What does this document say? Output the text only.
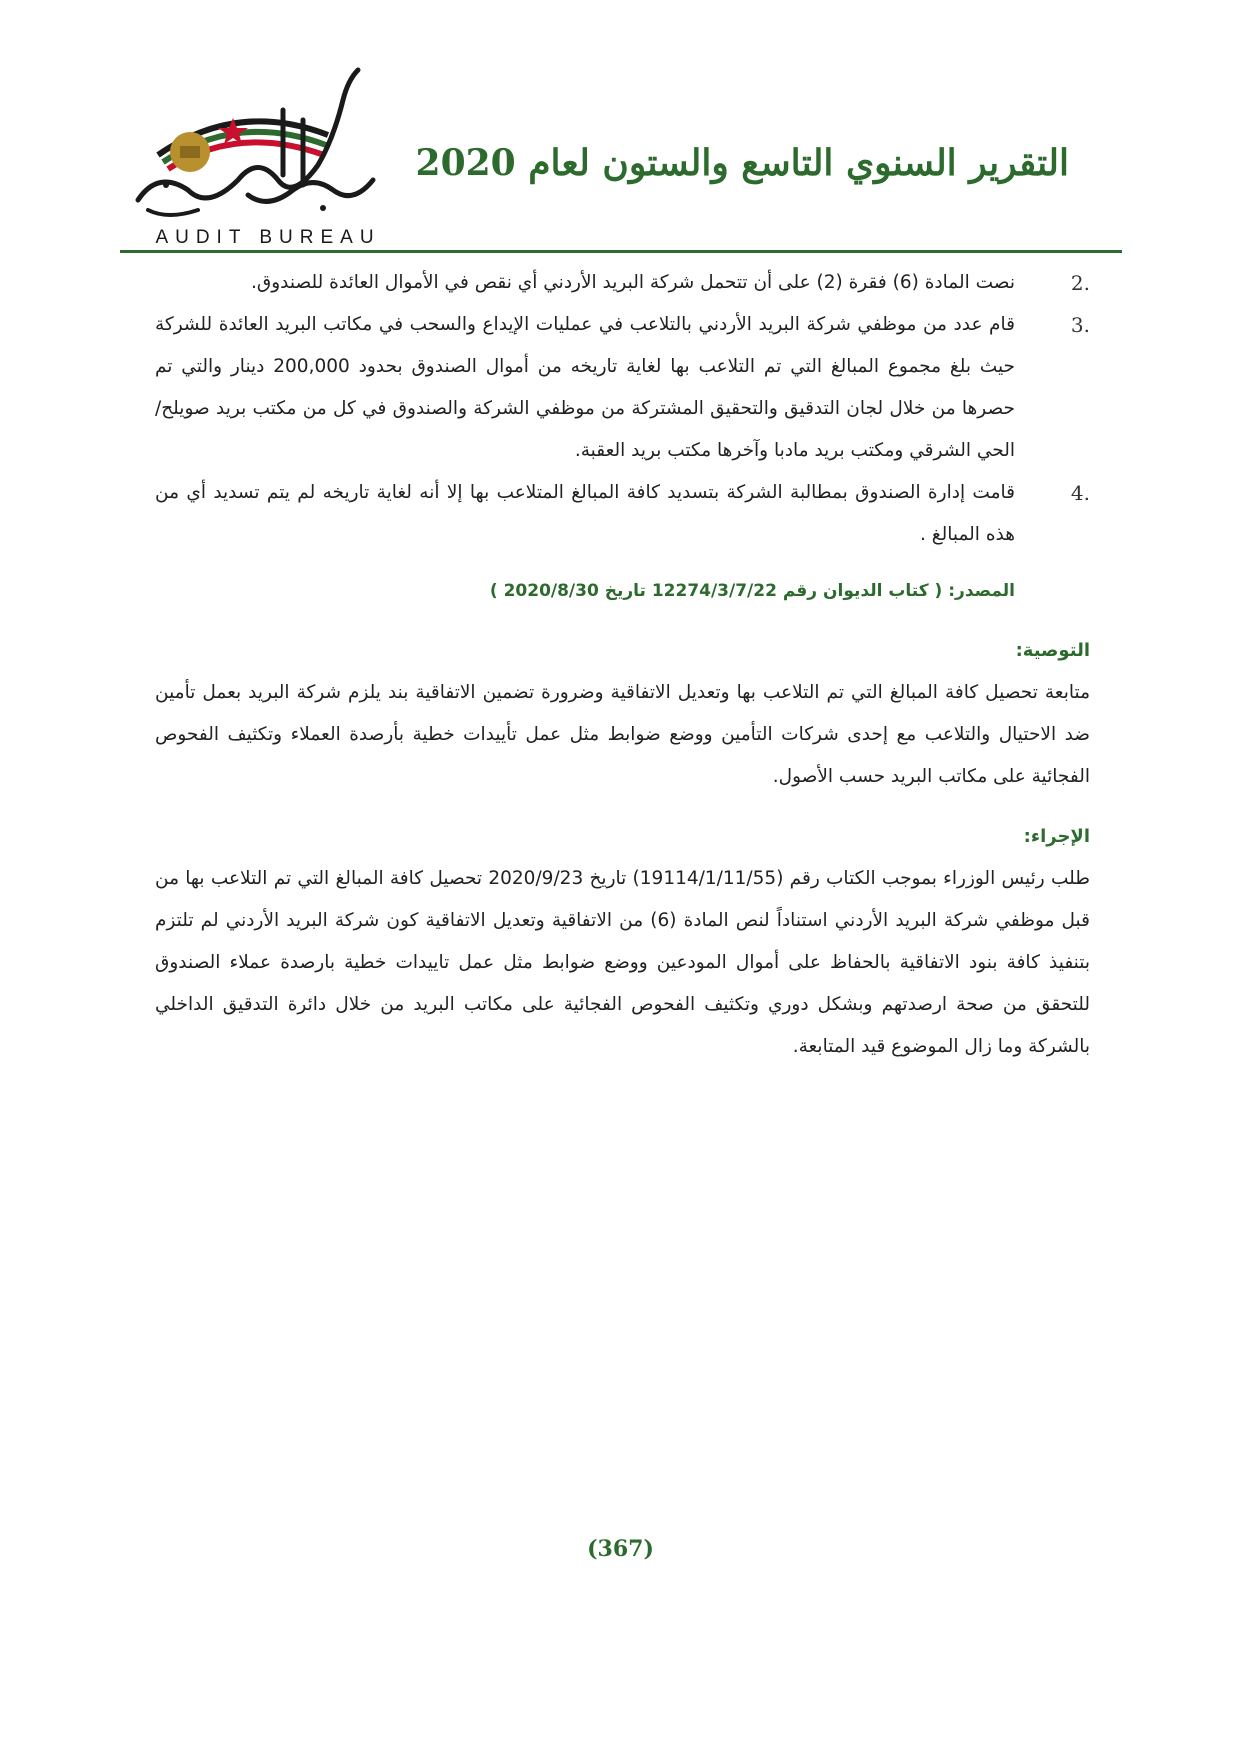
AUDIT BUREAU
ديوان المحاسبة
التقرير السنوي التاسع والستون لعام 2020
2.
نصت المادة (6) فقرة (2) على أن تتحمل شركة البريد الأردني أي نقص في الأموال العائدة للصندوق.
3.
قام عدد من موظفي شركة البريد الأردني بالتلاعب في عمليات الإيداع والسحب في مكاتب البريد العائدة للشركة حيث بلغ مجموع المبالغ التي تم التلاعب بها لغاية تاريخه من أموال الصندوق بحدود 200,000 دينار والتي تم حصرها من خلال لجان التدقيق والتحقيق المشتركة من موظفي الشركة والصندوق في كل من مكتب بريد صويلح/الحي الشرقي ومكتب بريد مادبا وآخرها مكتب بريد العقبة.
4.
قامت إدارة الصندوق بمطالبة الشركة بتسديد كافة المبالغ المتلاعب بها إلا أنه لغاية تاريخه لم يتم تسديد أي من هذه المبالغ .
المصدر: ( كتاب الديوان رقم 12274/3/7/22 تاريخ 2020/8/30 )
التوصية:

متابعة تحصيل كافة المبالغ التي تم التلاعب بها وتعديل الاتفاقية وضرورة تضمين الاتفاقية بند يلزم شركة البريد بعمل تأمين ضد الاحتيال والتلاعب مع إحدى شركات التأمين ووضع ضوابط مثل عمل تأييدات خطية بأرصدة العملاء وتكثيف الفحوص الفجائية على مكاتب البريد حسب الأصول.

الإجراء:

طلب رئيس الوزراء بموجب الكتاب رقم (19114/1/11/55) تاريخ 2020/9/23 تحصيل كافة المبالغ التي تم التلاعب بها من قبل موظفي شركة البريد الأردني استناداً لنص المادة (6) من الاتفاقية وتعديل الاتفاقية كون شركة البريد الأردني لم تلتزم بتنفيذ كافة بنود الاتفاقية بالحفاظ على أموال المودعين ووضع ضوابط مثل عمل تاييدات خطية بارصدة عملاء الصندوق للتحقق من صحة ارصدتهم وبشكل دوري وتكثيف الفحوص الفجائية على مكاتب البريد من خلال دائرة التدقيق الداخلي بالشركة وما زال الموضوع قيد المتابعة.

(367)
